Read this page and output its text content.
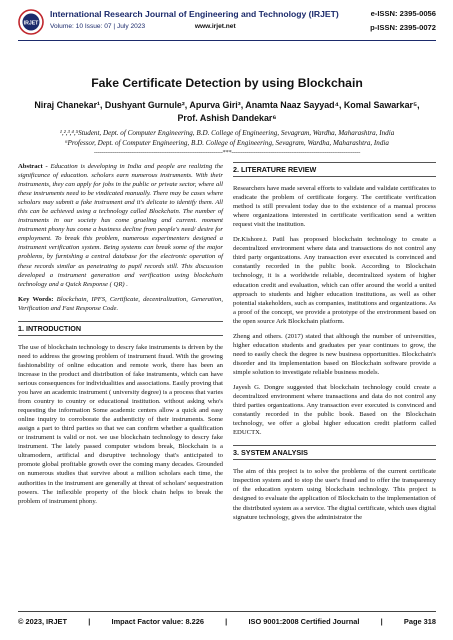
IRJET
International Research Journal of Engineering and Technology (IRJET)	e-ISSN: 2395-0056
Volume: 10 Issue: 07 | July 2023	www.irjet.net	p-ISSN: 2395-0072
Fake Certificate Detection by using Blockchain
Niraj Chanekar¹, Dushyant Gurnule², Apurva Giri³, Anamta Naaz Sayyad⁴, Komal Sawarkar⁵,
Prof. Ashish Dandekar⁶
¹,²,³,⁴,⁵Student, Dept. of Computer Engineering, B.D. College of Engineering, Sevagram, Wardha, Maharashtra, India
⁶Professor, Dept. of Computer Engineering, B.D. College of Engineering, Sevagram, Wardha, Maharashtra, India
---------------------------------------------------------------------***---------------------------------------------------------------------

Abstract - Education is developing in India and people are realizing the significance of education. scholars earn numerous instruments. With their instruments, they can apply for jobs in the public or private sector, where all these instruments need to be vindicated manually. There may be cases where scholars may submit a fake instrument and it's delicate to identify them. All this can be achieved using a technology called Blockchain. The number of instruments in our society has come grueling and current. moment instrument phony has come a business decline from people's need/ desire for employment. To break this problem, numerous experimenters designed a instrument verification system. Being systems can break some of the major problems, by furnishing a central database for the electronic operation of these records similar as penetrating to pupil records still. This discussion developed a instrument generation and verification using blockchain technology and a Quick Response ( QR) .

Key Words: Blockchain, IPFS, Certificate, decentralization, Generation, Verification and Fast Response Code.

1. INTRODUCTION

The use of blockchain technology to descry fake instruments is driven by the need to address the growing problem of instrument fraud. With the growing fashionability of online education and remote work, there has been an increase in the product and distribution of fake instruments, which can have serious consequences for individualities and associations. Easily proving that you have an academic instrument ( university degree) is a process that varies from country to country or educational institution. without asking who's requesting the information Some academic centers allow a quick and easy online inquiry to corroborate the authenticity of their instruments. Some assign a part to third parties so that we can confirm whether a qualification or instrument is valid or not. we use blockchain technology to descry fake instrument. The lately passed computer wisdom break, Blockchain is a ultramodern, artificial and disruptive technology that's anticipated to promote global profitable growth over the coming many decades. Grounded on numerous studies that survive about a million scholars each time, the authorities in the instrument are generally at threat of scholars' sequestration powers. The inflexible property of the block chain helps to break the problem of instrument phony.

2. LITERATURE REVIEW

Researchers have made several efforts to validate and validate certificates to eradicate the problem of certificate forgery. The certificate verification method is still prevalent today due to the existence of a manual process where organizations interested in certificate verification send a written request visit the institution.

Dr.Kishore.t. Patil has proposed blockchain technology to create a decentralized environment where data and transactions do not control any third party organizations. Any transaction ever executed is convinced and constantly recorded in the public book. According to Blockchain technology, it is a worldwide reliable, decentralized system of higher education credit and evaluation, which can offer around the world a united approach to students and higher education institutions, as well as other potential stakeholders, such as companies, institutions and organizations. As a proof of the concept, we provide a prototype of the environment based on the open source Ark Blockchain platform.

Zheng and others. (2017) stated that although the number of universities, higher education students and graduates per year continues to grow, the need to easily check the degree is new business opportunities. Blockchain's disorder and its implementation based on Blockchain software provide a simple solution to investigate reliable business models.

Jayesh G. Dongre suggested that blockchain technology could create a decentralized environment where transactions and data do not control any third parties organizations. Any transaction ever executed is convinced and constantly recorded in the public book. Based on the Blockchain technology, we offer a global higher education credit platform called EDUCTX.

3. SYSTEM ANALYSIS

The aim of this project is to solve the problems of the current certificate inspection system and to stop the user's fraud and to offer the transparency of the education system using blockchain technology. This project is designed to evaluate the application of Blockchain to the implementation of the distributed system as a service. The digital certificate, which uses digital signature technology, gives the administrator the

© 2023, IRJET	|	Impact Factor value: 8.226	|	ISO 9001:2008 Certified Journal	|	Page 318
